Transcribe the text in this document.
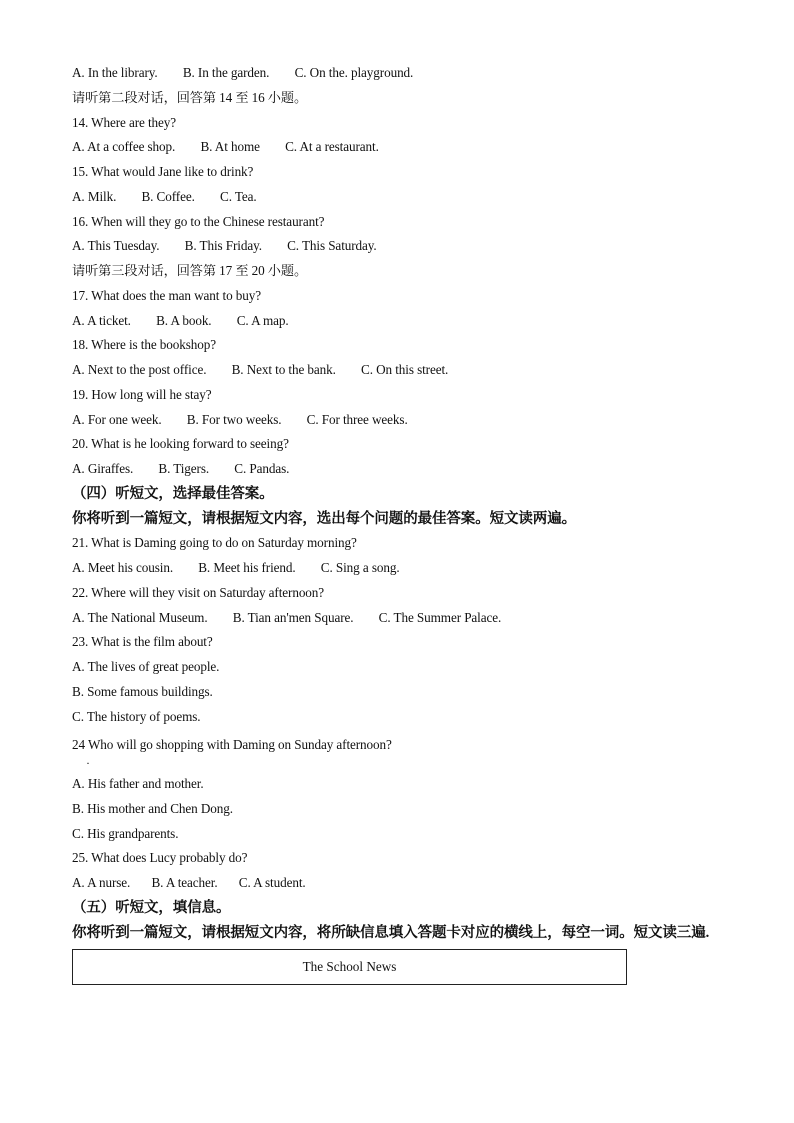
A. In the library. B. In the garden. C. On the. playground.
请听第二段对话，回答第 14 至 16 小题。
14. Where are they?
A. At a coffee shop. B. At home C. At a restaurant.
15. What would Jane like to drink?
A. Milk. B. Coffee. C. Tea.
16. When will they go to the Chinese restaurant?
A. This Tuesday. B. This Friday. C. This Saturday.
请听第三段对话，回答第 17 至 20 小题。
17. What does the man want to buy?
A. A ticket. B. A book. C. A map.
18. Where is the bookshop?
A. Next to the post office. B. Next to the bank. C. On this street.
19. How long will he stay?
A. For one week. B. For two weeks. C. For three weeks.
20. What is he looking forward to seeing?
A. Giraffes. B. Tigers. C. Pandas.
（四）听短文，选择最佳答案。
你将听到一篇短文，请根据短文内容，选出每个问题的最佳答案。短文读两遍。
21. What is Daming going to do on Saturday morning?
A. Meet his cousin. B. Meet his friend. C. Sing a song.
22. Where will they visit on Saturday afternoon?
A. The National Museum. B. Tian an'men Square. C. The Summer Palace.
23. What is the film about?
A. The lives of great people.
B. Some famous buildings.
C. The history of poems.
24 Who will go shopping with Daming on Sunday afternoon?
·
A. His father and mother.
B. His mother and Chen Dong.
C. His grandparents.
25. What does Lucy probably do?
A. A nurse. B. A teacher. C. A student.
（五）听短文，填信息。
你将听到一篇短文，请根据短文内容，将所缺信息填入答题卡对应的横线上，每空一词。短文读三遍.
The School News
